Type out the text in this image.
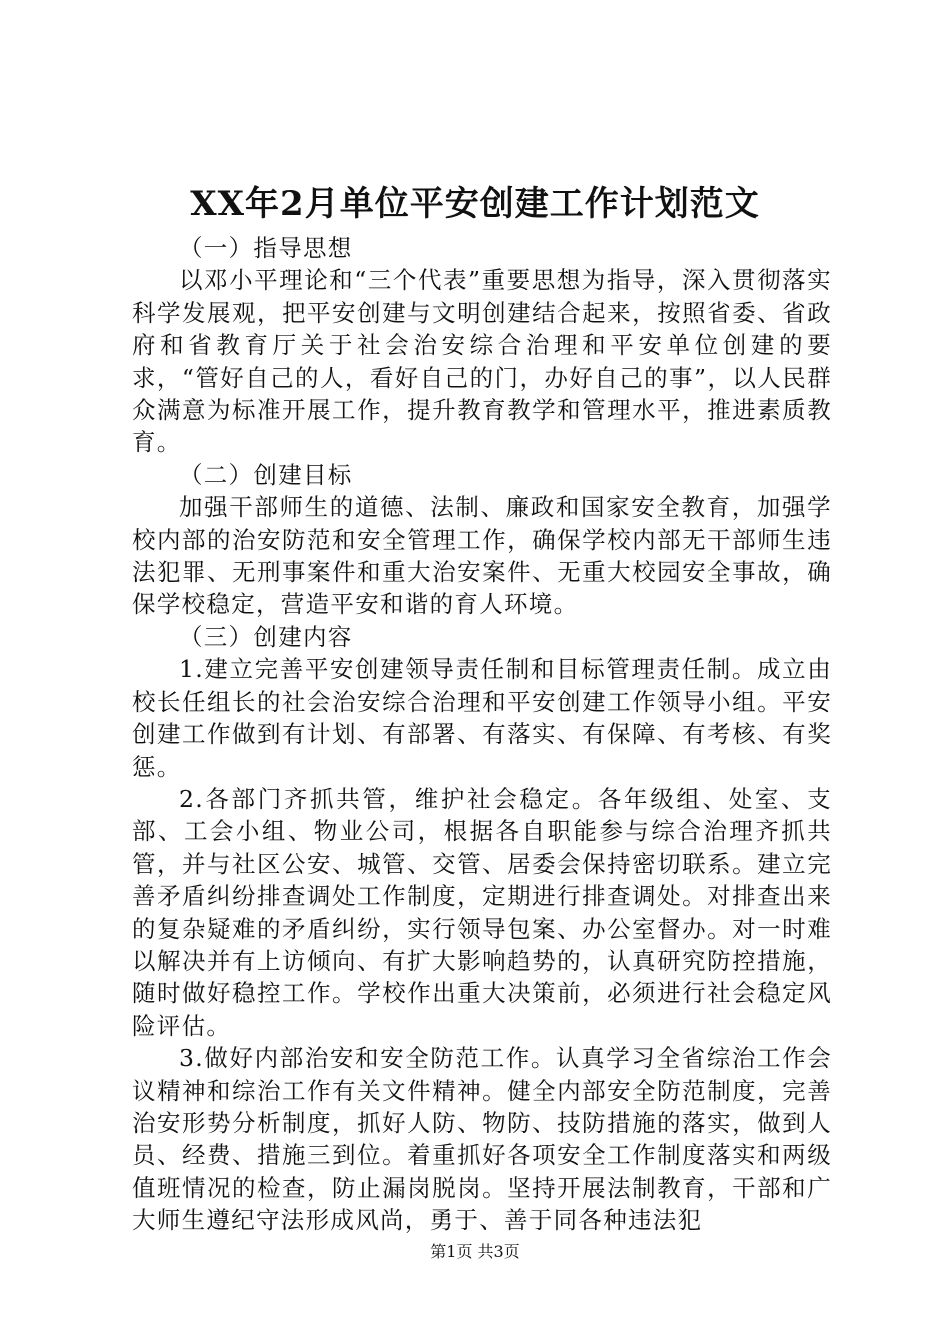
XX年2月单位平安创建工作计划范文

（一）指导思想

以邓小平理论和“三个代表”重要思想为指导，深入贯彻落实科学发展观，把平安创建与文明创建结合起来，按照省委、省政府和省教育厅关于社会治安综合治理和平安单位创建的要求，“管好自己的人，看好自己的门，办好自己的事”，以人民群众满意为标准开展工作，提升教育教学和管理水平，推进素质教育。

（二）创建目标

加强干部师生的道德、法制、廉政和国家安全教育，加强学校内部的治安防范和安全管理工作，确保学校内部无干部师生违法犯罪、无刑事案件和重大治安案件、无重大校园安全事故，确保学校稳定，营造平安和谐的育人环境。

（三）创建内容

1.建立完善平安创建领导责任制和目标管理责任制。成立由校长任组长的社会治安综合治理和平安创建工作领导小组。平安创建工作做到有计划、有部署、有落实、有保障、有考核、有奖惩。

2.各部门齐抓共管，维护社会稳定。各年级组、处室、支部、工会小组、物业公司，根据各自职能参与综合治理齐抓共管，并与社区公安、城管、交管、居委会保持密切联系。建立完善矛盾纠纷排查调处工作制度，定期进行排查调处。对排查出来的复杂疑难的矛盾纠纷，实行领导包案、办公室督办。对一时难以解决并有上访倾向、有扩大影响趋势的，认真研究防控措施，随时做好稳控工作。学校作出重大决策前，必须进行社会稳定风险评估。

3.做好内部治安和安全防范工作。认真学习全省综治工作会议精神和综治工作有关文件精神。健全内部安全防范制度，完善治安形势分析制度，抓好人防、物防、技防措施的落实，做到人员、经费、措施三到位。着重抓好各项安全工作制度落实和两级值班情况的检查，防止漏岗脱岗。坚持开展法制教育，干部和广大师生遵纪守法形成风尚，勇于、善于同各种违法犯

第1页 共3页
